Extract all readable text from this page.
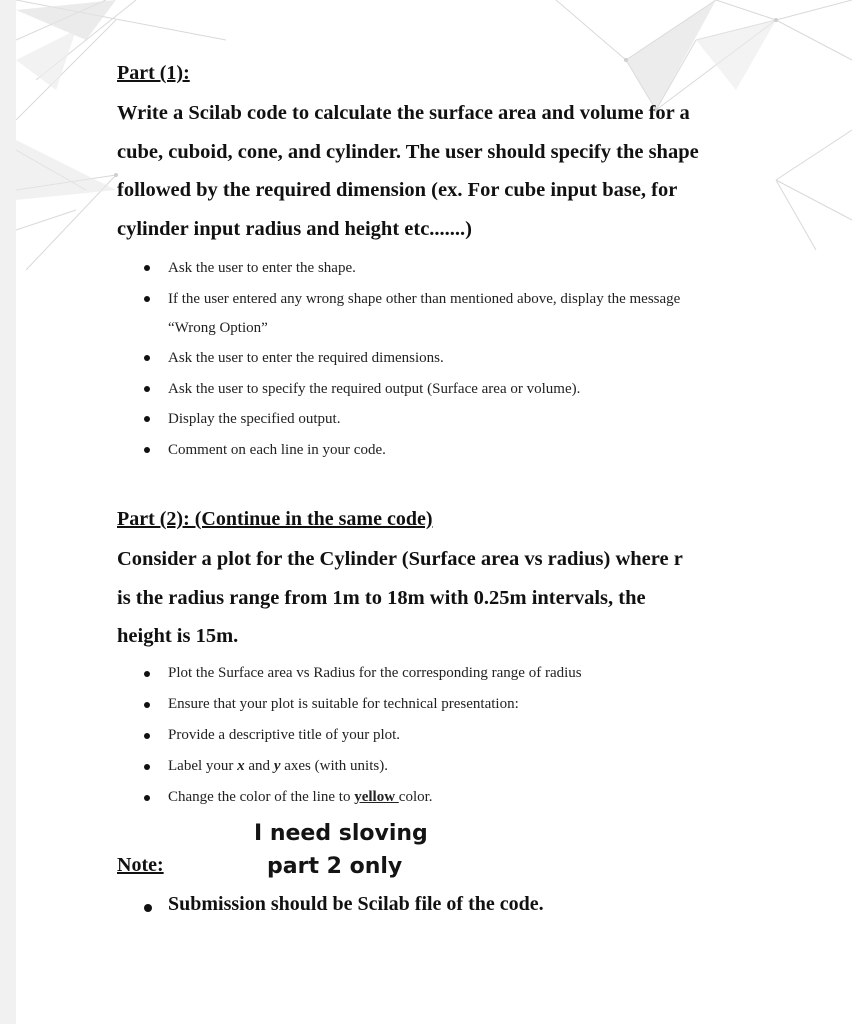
Part (1):
Write a Scilab code to calculate the surface area and volume for a
cube, cuboid, cone, and cylinder. The user should specify the shape
followed by the required dimension (ex. For cube input base, for
cylinder input radius and height etc.......)
Ask the user to enter the shape.
If the user entered any wrong shape other than mentioned above, display the message
“Wrong Option”
Ask the user to enter the required dimensions.
Ask the user to specify the required output (Surface area or volume).
Display the specified output.
Comment on each line in your code.
Part (2): (Continue in the same code)
Consider a plot for the Cylinder (Surface area vs radius) where r
is the radius range from 1m to 18m with 0.25m intervals, the
height is 15m.
Plot the Surface area vs Radius for the corresponding range of radius
Ensure that your plot is suitable for technical presentation:
Provide a descriptive title of your plot.
Label your x and y axes (with units).
Change the color of the line to yellow color.
I need sloving
part 2 only
Note:
Submission should be Scilab file of the code.
